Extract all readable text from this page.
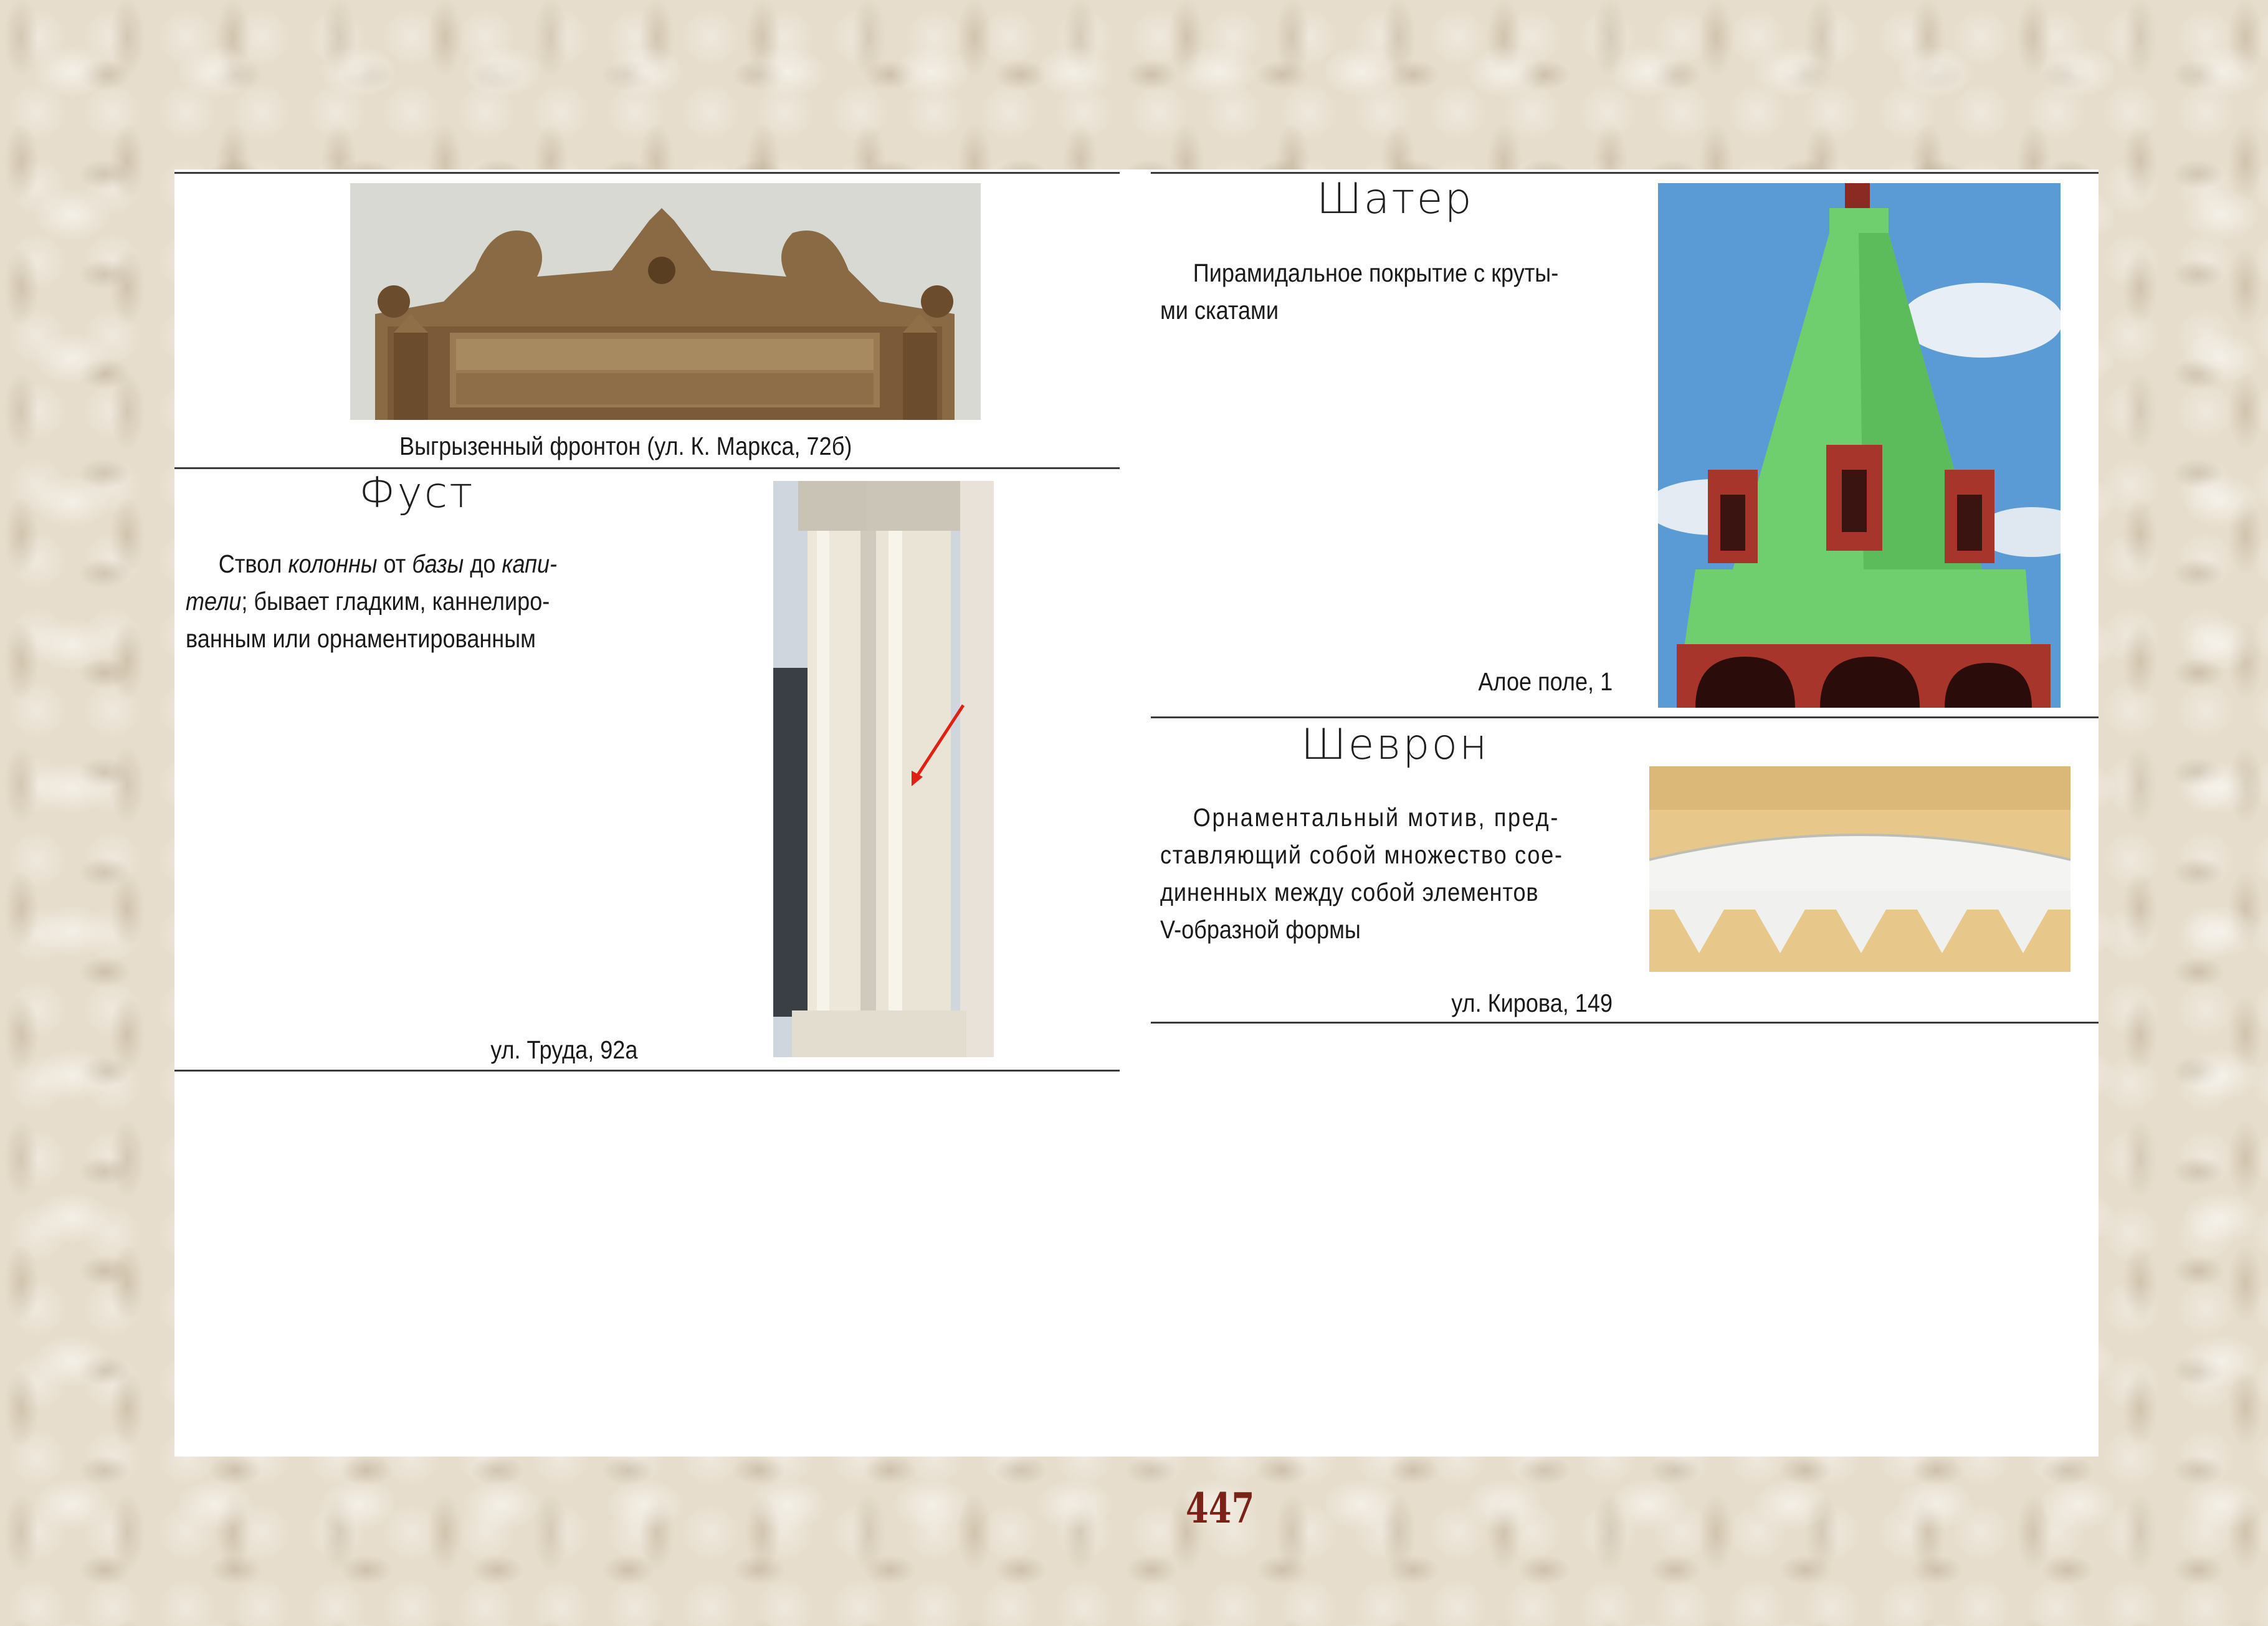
Выгрызенный фронтон (ул. К. Маркса, 72б)
Фуст
Ствол колонны от базы до капи-
тели; бывает гладким, каннелиро-
ванным или орнаментированным
ул. Труда, 92а
Шатер
Пирамидальное покрытие с круты-
ми скатами
Алое поле, 1
Шеврон
Орнаментальный мотив, пред-
ставляющий собой множество сое-
диненных между собой элементов
V-образной формы
ул. Кирова, 149
447
